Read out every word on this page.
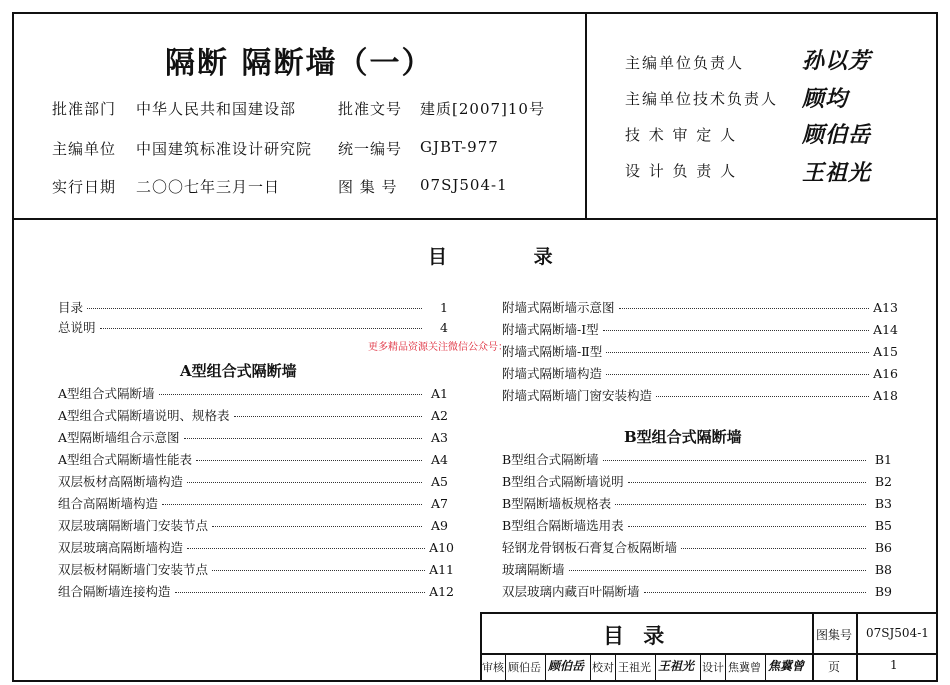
隔断 隔断墙（一）
批准部门 中华人民共和国建设部	批准文号 建质[2007]10号
主编单位 中国建筑标准设计研究院 统一编号 GJBT-977
实行日期 二〇〇七年三月一日	图 集 号 07SJ504-1
主编单位负责人	孙以芳
主编单位技术负责人 顾均
技 术 审 定 人	顾伯岳
设 计 负 责 人	王祖光
目 录
目录	1
总说明	4
更多精品资源关注微信公众号：
A型组合式隔断墙
A型组合式隔断墙	A1
A型组合式隔断墙说明、规格表	A2
A型隔断墙组合示意图	A3
A型组合式隔断墙性能表	A4
双层板材高隔断墙构造	A5
组合高隔断墙构造	A7
双层玻璃隔断墙门安装节点	A9
双层玻璃高隔断墙构造	A10
双层板材隔断墙门安装节点	A11
组合隔断墙连接构造	A12
附墙式隔断墙示意图	A13
附墙式隔断墙-Ⅰ型	A14
附墙式隔断墙-Ⅱ型	A15
附墙式隔断墙构造	A16
附墙式隔断墙门窗安装构造	A18
B型组合式隔断墙
B型组合式隔断墙	B1
B型组合式隔断墙说明	B2
B型隔断墙板规格表	B3
B型组合隔断墙选用表	B5
轻钢龙骨钢板石膏复合板隔断墙	B6
玻璃隔断墙	B8
双层玻璃内藏百叶隔断墙	B9
目 录	图集号 07SJ504-1
页	1
审核 顾伯岳 顾伯岳 校对 王祖光 王祖光 设计 焦冀曾 焦冀曾
